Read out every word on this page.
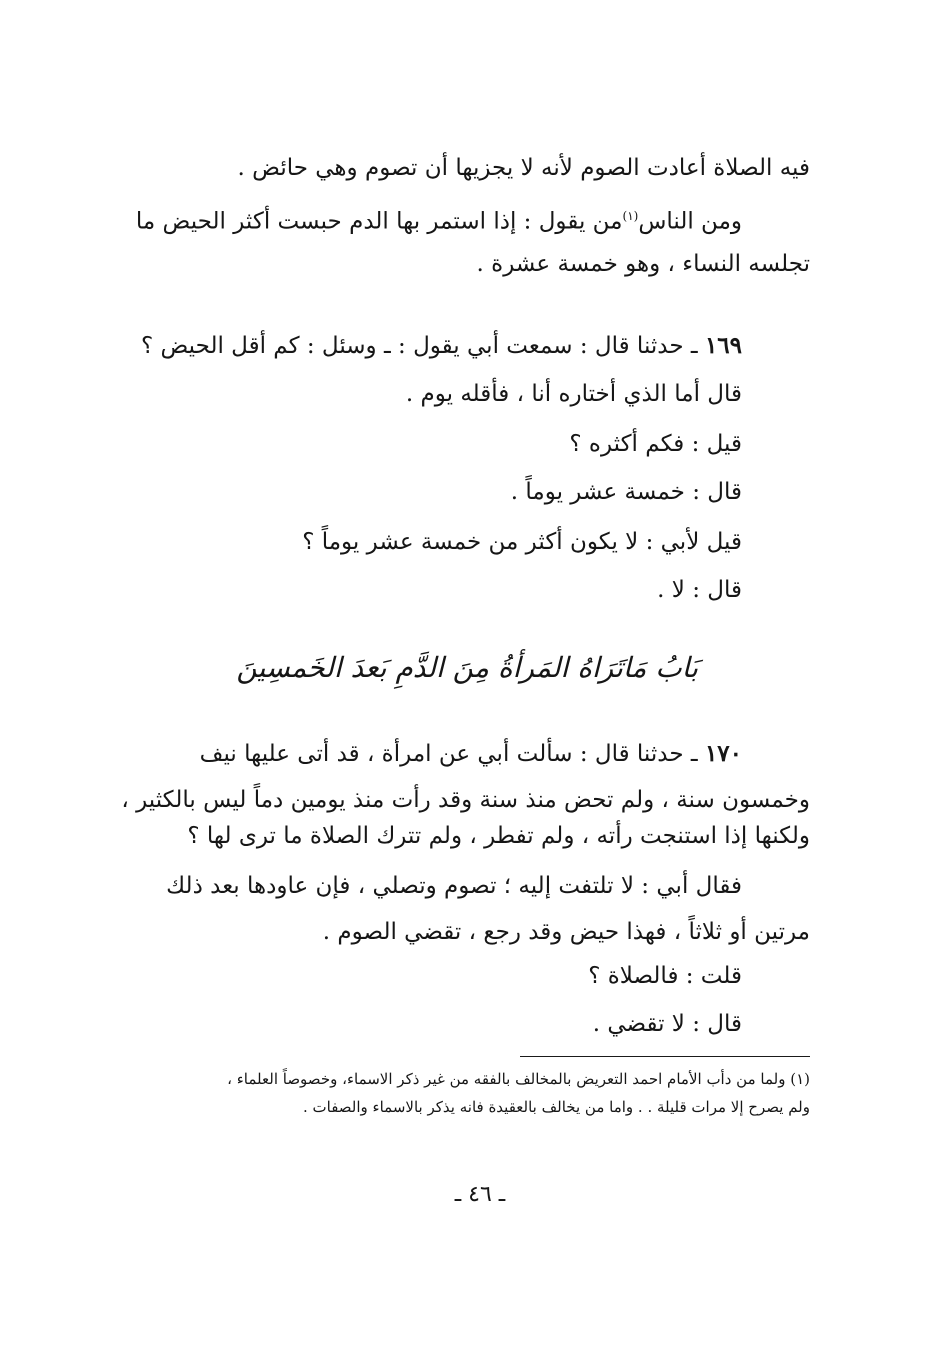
فيه الصلاة أعادت الصوم لأنه لا يجزيها أن تصوم وهي حائض .
ومن الناس$^{(١)}$من يقول : إذا استمر بها الدم حبست أكثر الحيض ما
تجلسه النساء ، وهو خمسة عشرة .
١٦٩ ـ حدثنا قال : سمعت أبي يقول : ـ وسئل : كم أقل الحيض ؟
قال أما الذي أختاره أنا ، فأقله يوم .
قيل : فكم أكثره ؟
قال : خمسة عشر يوماً .
قيل لأبي : لا يكون أكثر من خمسة عشر يوماً ؟
قال : لا .
بَابُ مَاتَرَاهُ المَرأةُ مِنَ الدَّمِ بَعدَ الخَمسِينَ
١٧٠ ـ حدثنا قال : سألت أبي عن امرأة ، قد أتى عليها نيف
وخمسون سنة ، ولم تحض منذ سنة وقد رأت منذ يومين دماً ليس بالكثير ،
ولكنها إذا استنجت رأته ، ولم تفطر ، ولم تترك الصلاة ما ترى لها ؟
فقال أبي : لا تلتفت إليه ؛ تصوم وتصلي ، فإن عاودها بعد ذلك
مرتين أو ثلاثاً ، فهذا حيض وقد رجع ، تقضي الصوم .
قلت : فالصلاة ؟
قال : لا تقضي .
(١) ولما من دأب الأمام احمد التعريض بالمخالف بالفقه من غير ذكر الاسماء، وخصوصاً العلماء ،
ولم يصرح إلا مرات قليلة . . واما من يخالف بالعقيدة فانه يذكر بالاسماء والصفات .
ـ ٤٦ ـ
